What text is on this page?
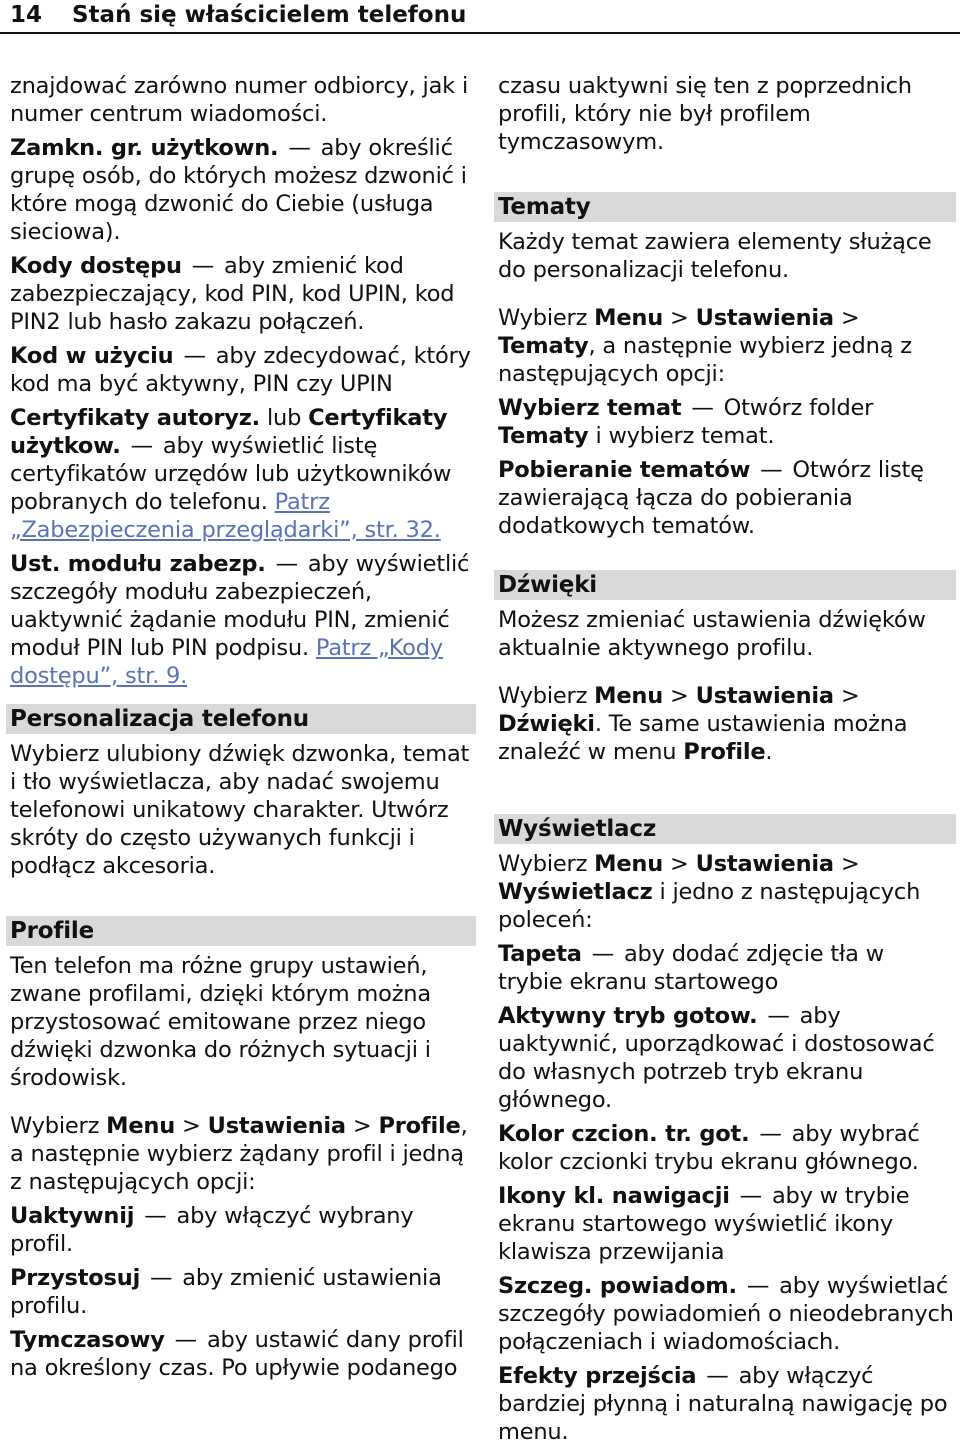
14 Stań się właścicielem telefonu

znajdować zarówno numer odbiorcy, jak i numer centrum wiadomości.

Zamkn. gr. użytkown. — aby określić grupę osób, do których możesz dzwonić i które mogą dzwonić do Ciebie (usługa sieciowa).

Kody dostępu — aby zmienić kod zabezpieczający, kod PIN, kod UPIN, kod PIN2 lub hasło zakazu połączeń.

Kod w użyciu — aby zdecydować, który kod ma być aktywny, PIN czy UPIN

Certyfikaty autoryz. lub Certyfikaty użytkow. — aby wyświetlić listę certyfikatów urzędów lub użytkowników pobranych do telefonu. Patrz „Zabezpieczenia przeglądarki”, str. 32.

Ust. modułu zabezp. — aby wyświetlić szczegóły modułu zabezpieczeń, uaktywnić żądanie modułu PIN, zmienić moduł PIN lub PIN podpisu. Patrz „Kody dostępu”, str. 9.

Personalizacja telefonu

Wybierz ulubiony dźwięk dzwonka, temat i tło wyświetlacza, aby nadać swojemu telefonowi unikatowy charakter. Utwórz skróty do często używanych funkcji i podłącz akcesoria.

Profile

Ten telefon ma różne grupy ustawień, zwane profilami, dzięki którym można przystosować emitowane przez niego dźwięki dzwonka do różnych sytuacji i środowisk.

Wybierz Menu > Ustawienia > Profile, a następnie wybierz żądany profil i jedną z następujących opcji:

Uaktywnij — aby włączyć wybrany profil.

Przystosuj — aby zmienić ustawienia profilu.

Tymczasowy — aby ustawić dany profil na określony czas. Po upływie podanego

czasu uaktywni się ten z poprzednich profili, który nie był profilem tymczasowym.

Tematy

Każdy temat zawiera elementy służące do personalizacji telefonu.

Wybierz Menu > Ustawienia > Tematy, a następnie wybierz jedną z następujących opcji:

Wybierz temat — Otwórz folder Tematy i wybierz temat.

Pobieranie tematów — Otwórz listę zawierającą łącza do pobierania dodatkowych tematów.

Dźwięki

Możesz zmieniać ustawienia dźwięków aktualnie aktywnego profilu.

Wybierz Menu > Ustawienia > Dźwięki. Te same ustawienia można znaleźć w menu Profile.

Wyświetlacz

Wybierz Menu > Ustawienia > Wyświetlacz i jedno z następujących poleceń:

Tapeta — aby dodać zdjęcie tła w trybie ekranu startowego

Aktywny tryb gotow. — aby uaktywnić, uporządkować i dostosować do własnych potrzeb tryb ekranu głównego.

Kolor czcion. tr. got. — aby wybrać kolor czcionki trybu ekranu głównego.

Ikony kl. nawigacji — aby w trybie ekranu startowego wyświetlić ikony klawisza przewijania

Szczeg. powiadom. — aby wyświetlać szczegóły powiadomień o nieodebranych połączeniach i wiadomościach.

Efekty przejścia — aby włączyć bardziej płynną i naturalną nawigację po menu.
